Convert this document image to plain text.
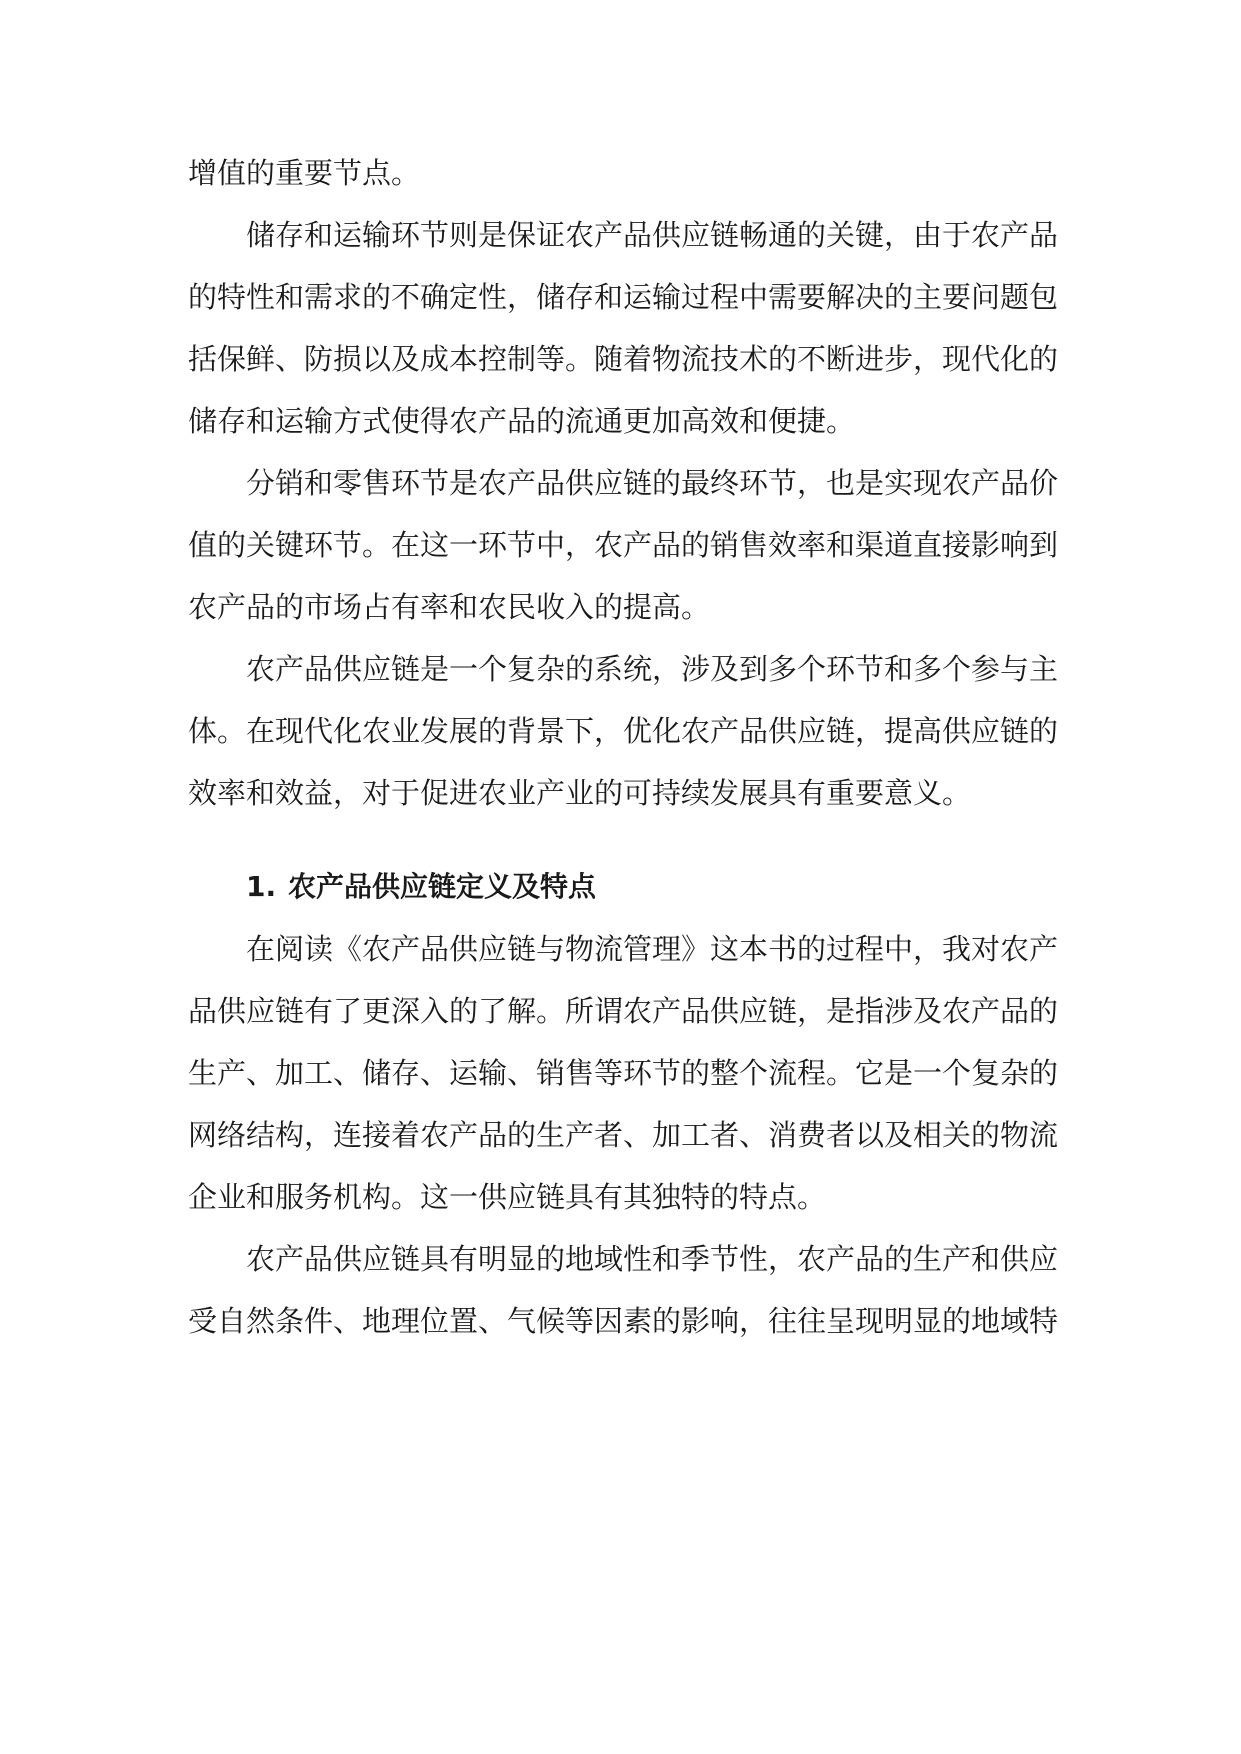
增值的重要节点。
储存和运输环节则是保证农产品供应链畅通的关键，由于农产品
的特性和需求的不确定性，储存和运输过程中需要解决的主要问题包
括保鲜、防损以及成本控制等。随着物流技术的不断进步，现代化的
储存和运输方式使得农产品的流通更加高效和便捷。
分销和零售环节是农产品供应链的最终环节，也是实现农产品价
值的关键环节。在这一环节中，农产品的销售效率和渠道直接影响到
农产品的市场占有率和农民收入的提高。
农产品供应链是一个复杂的系统，涉及到多个环节和多个参与主
体。在现代化农业发展的背景下，优化农产品供应链，提高供应链的
效率和效益，对于促进农业产业的可持续发展具有重要意义。
1. 农产品供应链定义及特点
在阅读《农产品供应链与物流管理》这本书的过程中，我对农产
品供应链有了更深入的了解。所谓农产品供应链，是指涉及农产品的
生产、加工、储存、运输、销售等环节的整个流程。它是一个复杂的
网络结构，连接着农产品的生产者、加工者、消费者以及相关的物流
企业和服务机构。这一供应链具有其独特的特点。
农产品供应链具有明显的地域性和季节性，农产品的生产和供应
受自然条件、地理位置、气候等因素的影响，往往呈现明显的地域特
